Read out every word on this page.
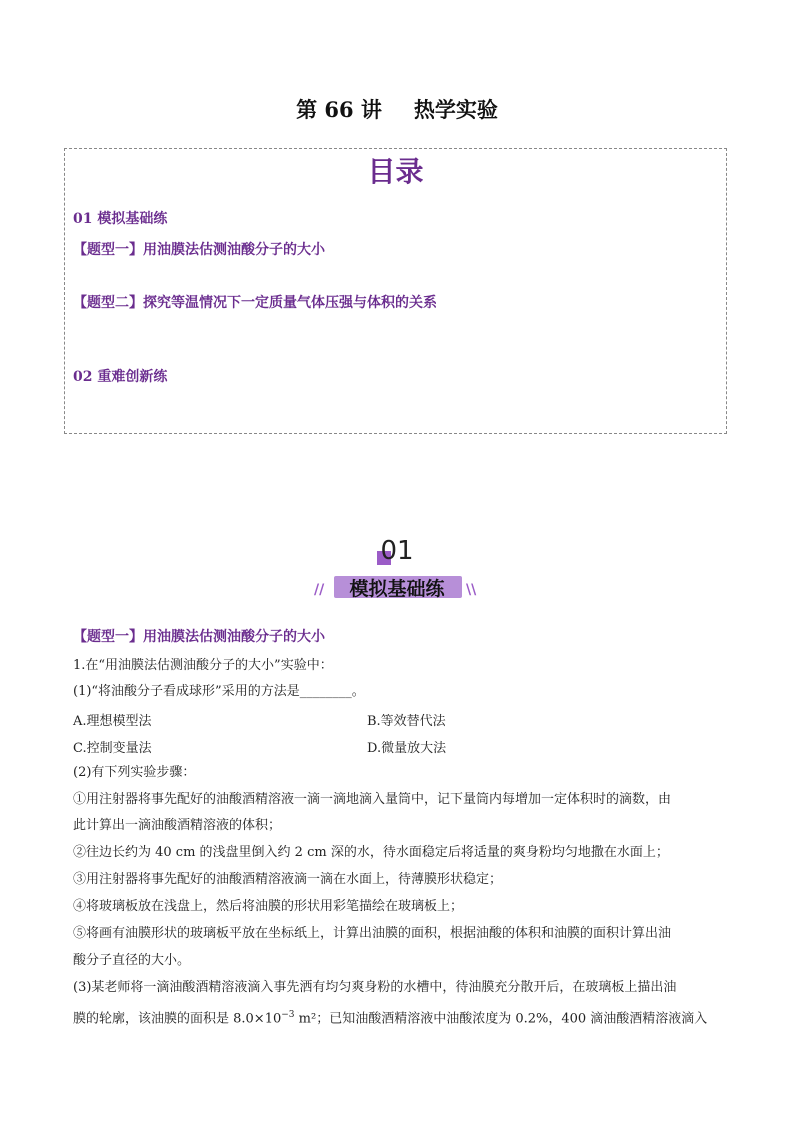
第 66 讲 热学实验
目录
01 模拟基础练
【题型一】用油膜法估测油酸分子的大小
【题型二】探究等温情况下一定质量气体压强与体积的关系
02 重难创新练
01
//	模拟基础练	\\
【题型一】用油膜法估测油酸分子的大小
1.在“用油膜法估测油酸分子的大小”实验中：
(1)“将油酸分子看成球形”采用的方法是________。
A.理想模型法	B.等效替代法
C.控制变量法	D.微量放大法
(2)有下列实验步骤：
①用注射器将事先配好的油酸酒精溶液一滴一滴地滴入量筒中，记下量筒内每增加一定体积时的滴数，由
此计算出一滴油酸酒精溶液的体积；
②往边长约为 40 cm 的浅盘里倒入约 2 cm 深的水，待水面稳定后将适量的爽身粉均匀地撒在水面上；
③用注射器将事先配好的油酸酒精溶液滴一滴在水面上，待薄膜形状稳定；
④将玻璃板放在浅盘上，然后将油膜的形状用彩笔描绘在玻璃板上；
⑤将画有油膜形状的玻璃板平放在坐标纸上，计算出油膜的面积，根据油酸的体积和油膜的面积计算出油
酸分子直径的大小。
(3)某老师将一滴油酸酒精溶液滴入事先洒有均匀爽身粉的水槽中，待油膜充分散开后，在玻璃板上描出油
膜的轮廓，该油膜的面积是 $8.0\times 10^{-3}$ m²；已知油酸酒精溶液中油酸浓度为 0.2%，400 滴油酸酒精溶液滴入
